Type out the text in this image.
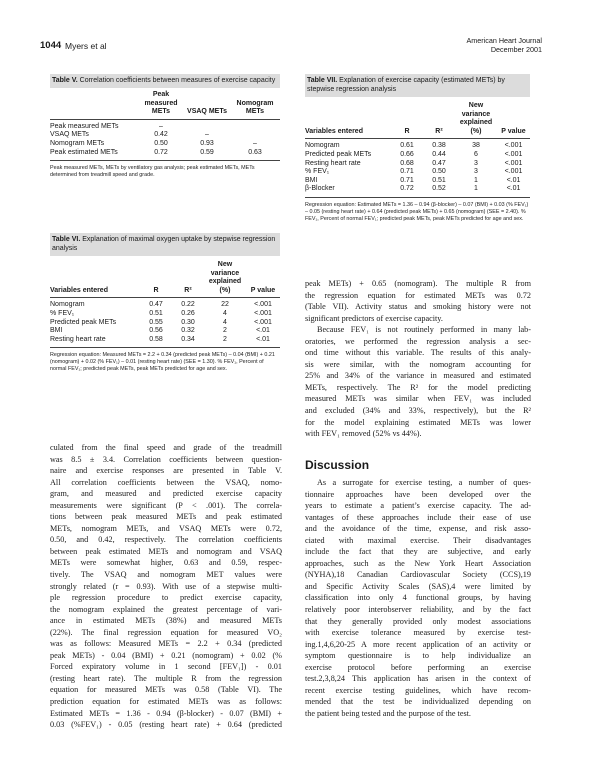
1044 Myers et al	American Heart Journal
December 2001
Table V. Correlation coefficients between measures of exercise capacity
	Peak measured METs	VSAQ METs	Nomogram METs
Peak measured METs	–		
VSAQ METs	0.42	–	
Nomogram METs	0.50	0.93	–
Peak estimated METs	0.72	0.59	0.63
Peak measured METs, METs by ventilatory gas analysis; peak estimated METs, METs determined from treadmill speed and grade.
Table VI. Explanation of maximal oxygen uptake by stepwise regression analysis
Variables entered	R	R²	New variance explained (%)	P value
Nomogram	0.47	0.22	22	<.001
% FEV₁	0.51	0.26	4	<.001
Predicted peak METs	0.55	0.30	4	<.001
BMI	0.56	0.32	2	<.01
Resting heart rate	0.58	0.34	2	<.01
Regression equation: Measured METs = 2.2 + 0.34 (predicted peak METs) – 0.04 (BMI) + 0.21 (nomogram) + 0.02 (% FEV₁) – 0.01 (resting heart rate) (SEE = 1.30). % FEV₁, Percent of normal FEV₁; predicted peak METs, peak METs predicted for age and sex.
Table VII. Explanation of exercise capacity (estimated METs) by stepwise regression analysis
Variables entered	R	R²	New variance explained (%)	P value
Nomogram	0.61	0.38	38	<.001
Predicted peak METs	0.66	0.44	6	<.001
Resting heart rate	0.68	0.47	3	<.001
% FEV₁	0.71	0.50	3	<.001
BMI	0.71	0.51	1	<.01
β-Blocker	0.72	0.52	1	<.01
Regression equation: Estimated METs = 1.36 – 0.94 (β-blocker) – 0.07 (BMI) + 0.03 (% FEV₁) – 0.05 (resting heart rate) + 0.64 (predicted peak METs) + 0.65 (nomogram) (SEE = 2.40). % FEV₁, Percent of normal FEV₁; predicted peak METs, peak METs predicted for age and sex.
culated from the final speed and grade of the treadmill
was 8.5 ± 3.4. Correlation coefficients between question-
naire and exercise responses are presented in Table V.
All correlation coefficients between the VSAQ, nomo-
gram, and measured and predicted exercise capacity
measurements were significant (P < .001). The correla-
tions between peak measured METs and peak estimated
METs, nomogram METs, and VSAQ METs were 0.72,
0.50, and 0.42, respectively. The correlation coefficients
between peak estimated METs and nomogram and VSAQ
METs were somewhat higher, 0.63 and 0.59, respec-
tively. The VSAQ and nomogram MET values were
strongly related (r = 0.93). With use of a stepwise multi-
ple regression procedure to predict exercise capacity,
the nomogram explained the greatest percentage of vari-
ance in estimated METs (38%) and measured METs
(22%). The final regression equation for measured VO₂
was as follows: Measured METs = 2.2 + 0.34 (predicted
peak METs) - 0.04 (BMI) + 0.21 (nomogram) + 0.02 (%
Forced expiratory volume in 1 second [FEV₁]) - 0.01
(resting heart rate). The multiple R from the regression
equation for measured METs was 0.58 (Table VI). The
prediction equation for estimated METs was as follows:
Estimated METs = 1.36 - 0.94 (β-blocker) - 0.07 (BMI) +
0.03 (%FEV₁) - 0.05 (resting heart rate) + 0.64 (predicted
peak METs) + 0.65 (nomogram). The multiple R from
the regression equation for estimated METs was 0.72
(Table VII). Activity status and smoking history were not
significant predictors of exercise capacity.
Because FEV₁ is not routinely performed in many lab-
oratories, we performed the regression analysis a sec-
ond time without this variable. The results of this analy-
sis were similar, with the nomogram accounting for
25% and 34% of the variance in measured and estimated
METs, respectively. The R² for the model predicting
measured METs was similar when FEV₁ was included
and excluded (34% and 33%, respectively), but the R²
for the model explaining estimated METs was lower
with FEV₁ removed (52% vs 44%).
Discussion
As a surrogate for exercise testing, a number of ques-
tionnaire approaches have been developed over the
years to estimate a patient’s exercise capacity. The ad-
vantages of these approaches include their ease of use
and the avoidance of the time, expense, and risk asso-
ciated with maximal exercise. Their disadvantages
include the fact that they are subjective, and early
approaches, such as the New York Heart Association
(NYHA),18 Canadian Cardiovascular Society (CCS),19
and Specific Activity Scales (SAS),4 were limited by
classification into only 4 functional groups, by having
relatively poor interobserver reliability, and by the fact
that they generally provided only modest associations
with exercise tolerance measured by exercise test-
ing.1,4,6,20-25 A more recent application of an activity or
symptom questionnaire is to help individualize an
exercise protocol before performing an exercise
test.2,3,8,24 This application has arisen in the context of
recent exercise testing guidelines, which have recom-
mended that the test be individualized depending on
the patient being tested and the purpose of the test.
